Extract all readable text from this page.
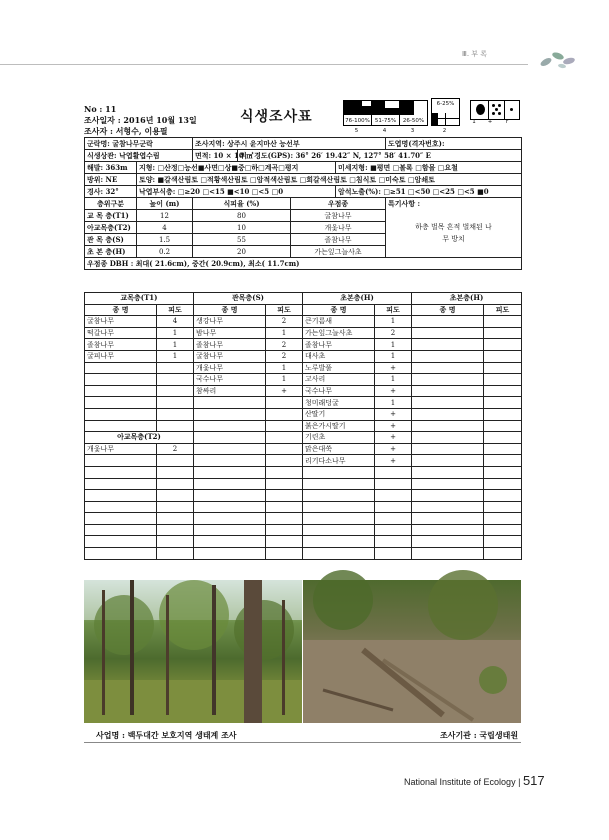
Ⅲ. 부 록
No : 11
조사일자 : 2016년 10월 13일
조사자 : 서형수, 이용필
식생조사표	76-100% 51-75%	26-50%
6-25%
5	4	3	2
1	+	r
군락명: 굴참나무군락		조사지역: 상주시 윤지마산 능선부				도엽명(격자번호):
식생상관: 낙엽활엽수림		면적: 10 × 10 ㎡	위 · 경도(GPS): 36° 26′ 19.42″ N, 127° 58′ 41.70″ E			
해발: 363m	지형: □산정□능선■사면□상■중□하□계곡□평지				미세지형: ■평면 □볼록 □함몰 □요철	
방위: NE	토양: ■갈색산림토 □적황색산림토 □암적색산림토 □회갈색산림토 □침식토 □미숙토 □암쇄토					
경사: 32°	낙엽부식층: □≥20 □<15 ■<10 □<5 □0				암석노출(%): □≥51 □<50 □<25 □<5 ■0	
층위구분	높이 (m)	식피율 (%)		우점종		특기사항 :
교 목 층(T1)	12	80		굴참나무		하층 벌목 흔적 벌채된 나무 방치
아교목층(T2)	4	10		개옻나무		
관 목 층(S)	1.5	55		졸참나무		
초 본 층(H)	0.2	20		가는잎그늘사초		
우점종 DBH : 최대( 21.6cm), 중간( 20.9cm), 최소( 11.7cm)						
교목층(T1)		관목층(S)		초본층(H)		초본층(H)	
종 명	피도	종 명	피도	종 명	피도	종 명	피도
굴참나무	4	생강나무	2	큰기름새	1		
떡갈나무	1	밤나무	1	가는잎그늘사초	2		
졸참나무	1	졸참나무	2	졸참나무	1		
굴피나무	1	굴참나무	2	대사초	1		
		개옻나무	1	노루발풀	+		
		국수나무	1	고사리	1		
		참싸리	+	국수나무	+		
				청미래덩굴	1		
				산딸기	+		
				붉은가시딸기	+		
아교목층(T2)				기린초	+		
개옻나무	2			맑은대쑥	+		
				리기다소나무	+		

사업명 : 백두대간 보호지역 생태계 조사	조사기관 : 국립생태원
National Institute of Ecology | 517
